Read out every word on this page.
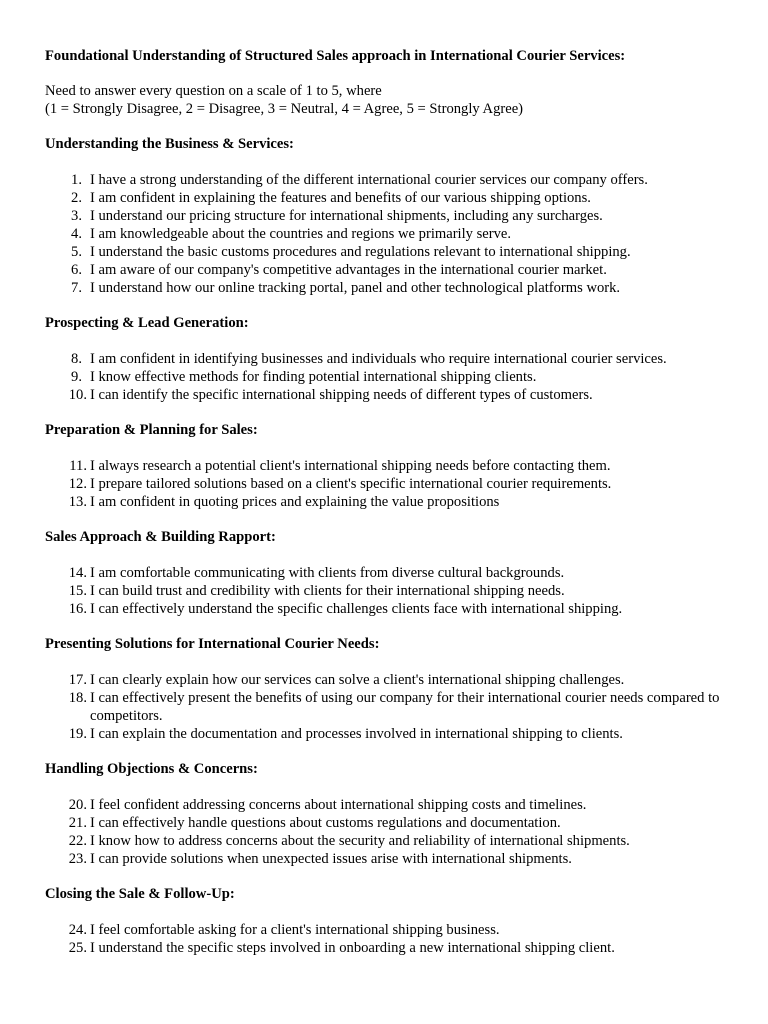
Foundational Understanding of Structured Sales approach in International Courier Services:

Need to answer every question on a scale of 1 to 5, where
(1 = Strongly Disagree, 2 = Disagree, 3 = Neutral, 4 = Agree, 5 = Strongly Agree)

Understanding the Business & Services:

1. I have a strong understanding of the different international courier services our company offers.
2. I am confident in explaining the features and benefits of our various shipping options.
3. I understand our pricing structure for international shipments, including any surcharges.
4. I am knowledgeable about the countries and regions we primarily serve.
5. I understand the basic customs procedures and regulations relevant to international shipping.
6. I am aware of our company's competitive advantages in the international courier market.
7. I understand how our online tracking portal, panel and other technological platforms work.

Prospecting & Lead Generation:

8. I am confident in identifying businesses and individuals who require international courier services.
9. I know effective methods for finding potential international shipping clients.
10. I can identify the specific international shipping needs of different types of customers.

Preparation & Planning for Sales:

11. I always research a potential client's international shipping needs before contacting them.
12. I prepare tailored solutions based on a client's specific international courier requirements.
13. I am confident in quoting prices and explaining the value propositions

Sales Approach & Building Rapport:

14. I am comfortable communicating with clients from diverse cultural backgrounds.
15. I can build trust and credibility with clients for their international shipping needs.
16. I can effectively understand the specific challenges clients face with international shipping.

Presenting Solutions for International Courier Needs:

17. I can clearly explain how our services can solve a client's international shipping challenges.
18. I can effectively present the benefits of using our company for their international courier needs compared to competitors.
19. I can explain the documentation and processes involved in international shipping to clients.

Handling Objections & Concerns:

20. I feel confident addressing concerns about international shipping costs and timelines.
21. I can effectively handle questions about customs regulations and documentation.
22. I know how to address concerns about the security and reliability of international shipments.
23. I can provide solutions when unexpected issues arise with international shipments.

Closing the Sale & Follow-Up:

24. I feel comfortable asking for a client's international shipping business.
25. I understand the specific steps involved in onboarding a new international shipping client.
